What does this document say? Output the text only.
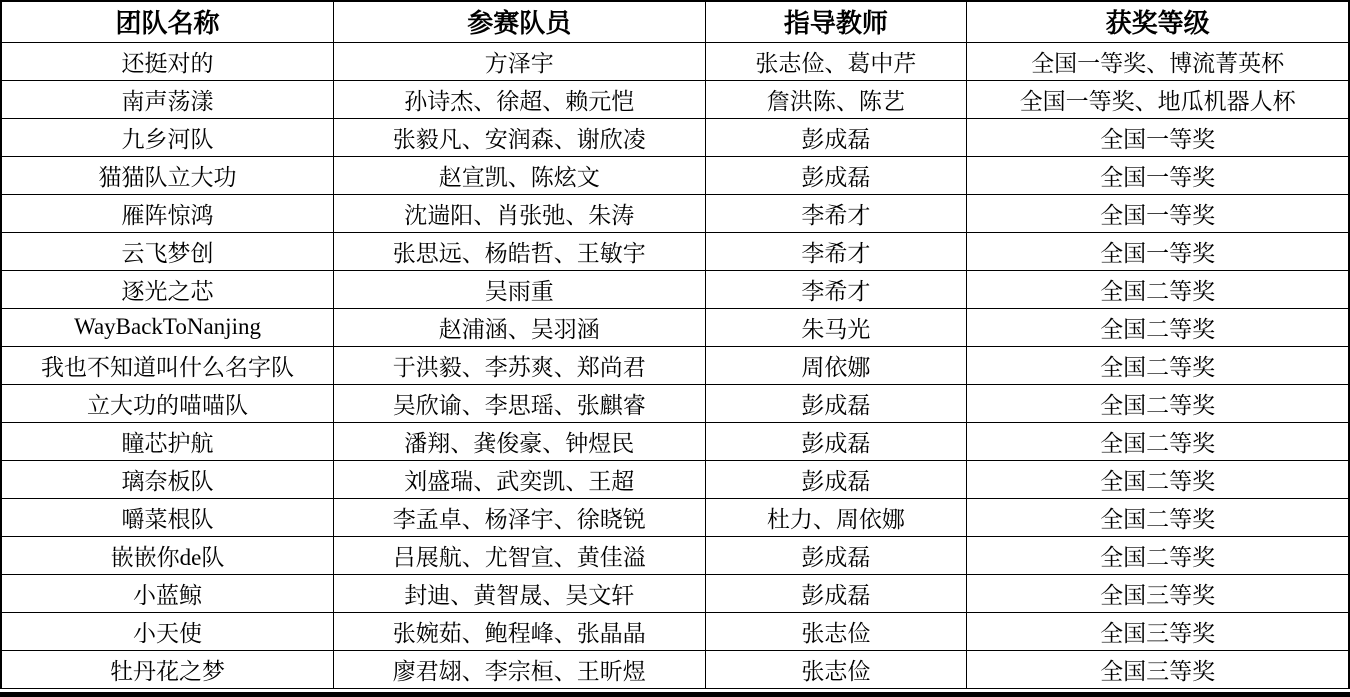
团队名称	参赛队员	指导教师	获奖等级
还挺对的	方泽宇	张志俭、葛中芹	全国一等奖、博流菁英杯
南声荡漾	孙诗杰、徐超、赖元恺	詹洪陈、陈艺	全国一等奖、地瓜机器人杯
九乡河队	张毅凡、安润森、谢欣凌	彭成磊	全国一等奖
猫猫队立大功	赵宣凯、陈炫文	彭成磊	全国一等奖
雁阵惊鸿	沈遄阳、肖张弛、朱涛	李希才	全国一等奖
云飞梦创	张思远、杨皓哲、王敏宇	李希才	全国一等奖
逐光之芯	吴雨重	李希才	全国二等奖
WayBackToNanjing	赵浦涵、吴羽涵	朱马光	全国二等奖
我也不知道叫什么名字队	于洪毅、李苏爽、郑尚君	周依娜	全国二等奖
立大功的喵喵队	吴欣谕、李思瑶、张麒睿	彭成磊	全国二等奖
瞳芯护航	潘翔、龚俊豪、钟煜民	彭成磊	全国二等奖
璃奈板队	刘盛瑞、武奕凯、王超	彭成磊	全国二等奖
嚼菜根队	李孟卓、杨泽宇、徐晓锐	杜力、周依娜	全国二等奖
嵌嵌你de队	吕展航、尤智宣、黄佳溢	彭成磊	全国二等奖
小蓝鲸	封迪、黄智晟、吴文轩	彭成磊	全国三等奖
小天使	张婉茹、鲍程峰、张晶晶	张志俭	全国三等奖
牡丹花之梦	廖君翃、李宗桓、王昕煜	张志俭	全国三等奖
